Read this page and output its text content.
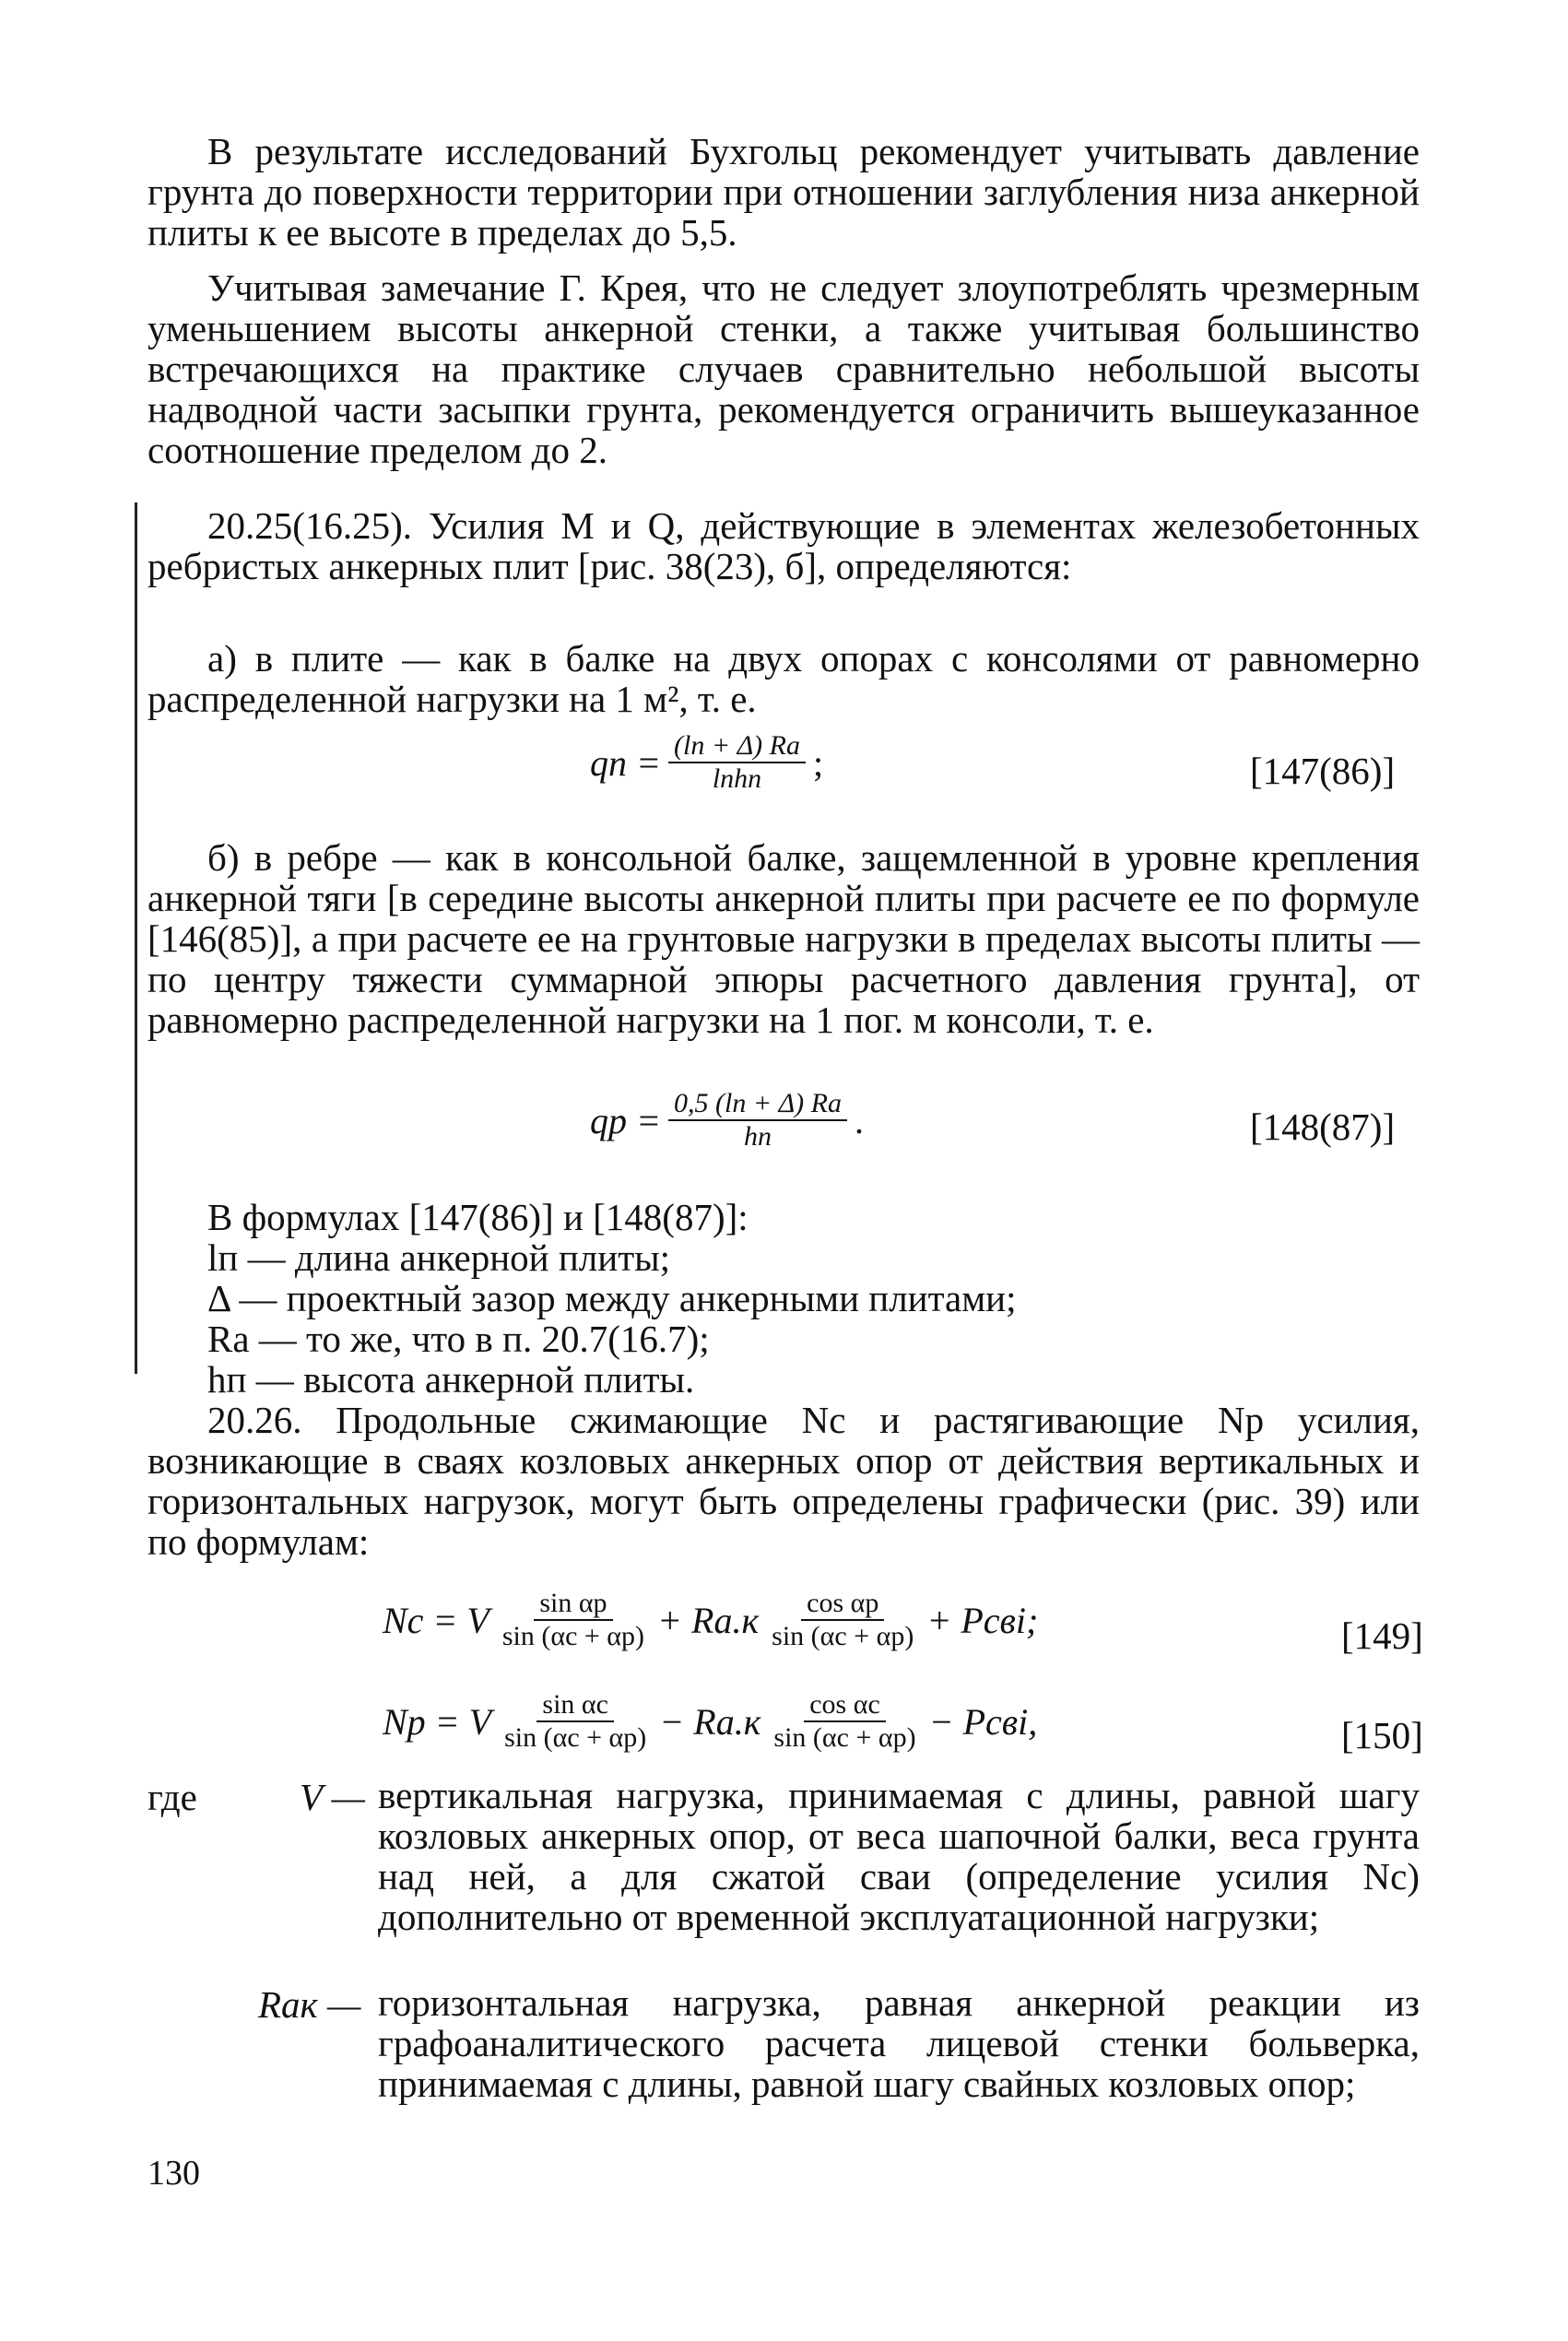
В результате исследований Бухгольц рекомендует учитывать давление грунта до поверхности территории при отношении заглубления низа анкерной плиты к ее высоте в пределах до 5,5.

Учитывая замечание Г. Крея, что не следует злоупотреблять чрезмерным уменьшением высоты анкерной стенки, а также учитывая большинство встречающихся на практике случаев сравнительно небольшой высоты надводной части засыпки грунта, рекомендуется ограничить вышеуказанное соотношение пределом до 2.

20.25(16.25). Усилия M и Q, действующие в элементах железобетонных ребристых анкерных плит [рис. 38(23), б], определяются:

а) в плите — как в балке на двух опорах с консолями от равномерно распределенной нагрузки на 1 м², т. е.

qп = $\frac{(lп + \Delta) Rа}{\text{lпhп}}$ ;	[147(86)]

б) в ребре — как в консольной балке, защемленной в уровне крепления анкерной тяги [в середине высоты анкерной плиты при расчете ее по формуле [146(85)], а при расчете ее на грунтовые нагрузки в пределах высоты плиты — по центру тяжести суммарной эпюры расчетного давления грунта], от равномерно распределенной нагрузки на 1 пог. м консоли, т. е.

qр = $\frac{0,5 (lп + \Delta) Rа}{hп}$ .	[148(87)]
В формулах [147(86)] и [148(87)]:
lп — длина анкерной плиты;
Δ — проектный зазор между анкерными плитами;
Rа — то же, что в п. 20.7(16.7);
hп — высота анкерной плиты.

20.26. Продольные сжимающие Nс и растягивающие Nр усилия, возникающие в сваях козловых анкерных опор от действия вертикальных и горизонтальных нагрузок, могут быть определены графически (рис. 39) или по формулам:

Nс = V $\frac{\text{sin αр}}{\sin (\alpha с + \alpha р)} + Rа.к \frac{\text{cos αр}}{\sin (\alpha с + \alpha р)}$ + Pсвi;	[149]
Nр = V $\frac{\text{sin αс}}{\sin (\alpha с + \alpha р)} - Rа.к \frac{\text{cos αс}}{\sin (\alpha с + \alpha р)}$ − Pсвi,	[150]
где	V — вертикальная нагрузка, принимаемая с длины, равной шагу козловых анкерных опор, от веса шапочной балки, веса грунта над ней, а для сжатой сваи (определение усилия Nс) дополнительно от временной эксплуатационной нагрузки;
Rак — горизонтальная нагрузка, равная анкерной реакции из графоаналитического расчета лицевой стенки больверка, принимаемая с длины, равной шагу свайных козловых опор;
130
